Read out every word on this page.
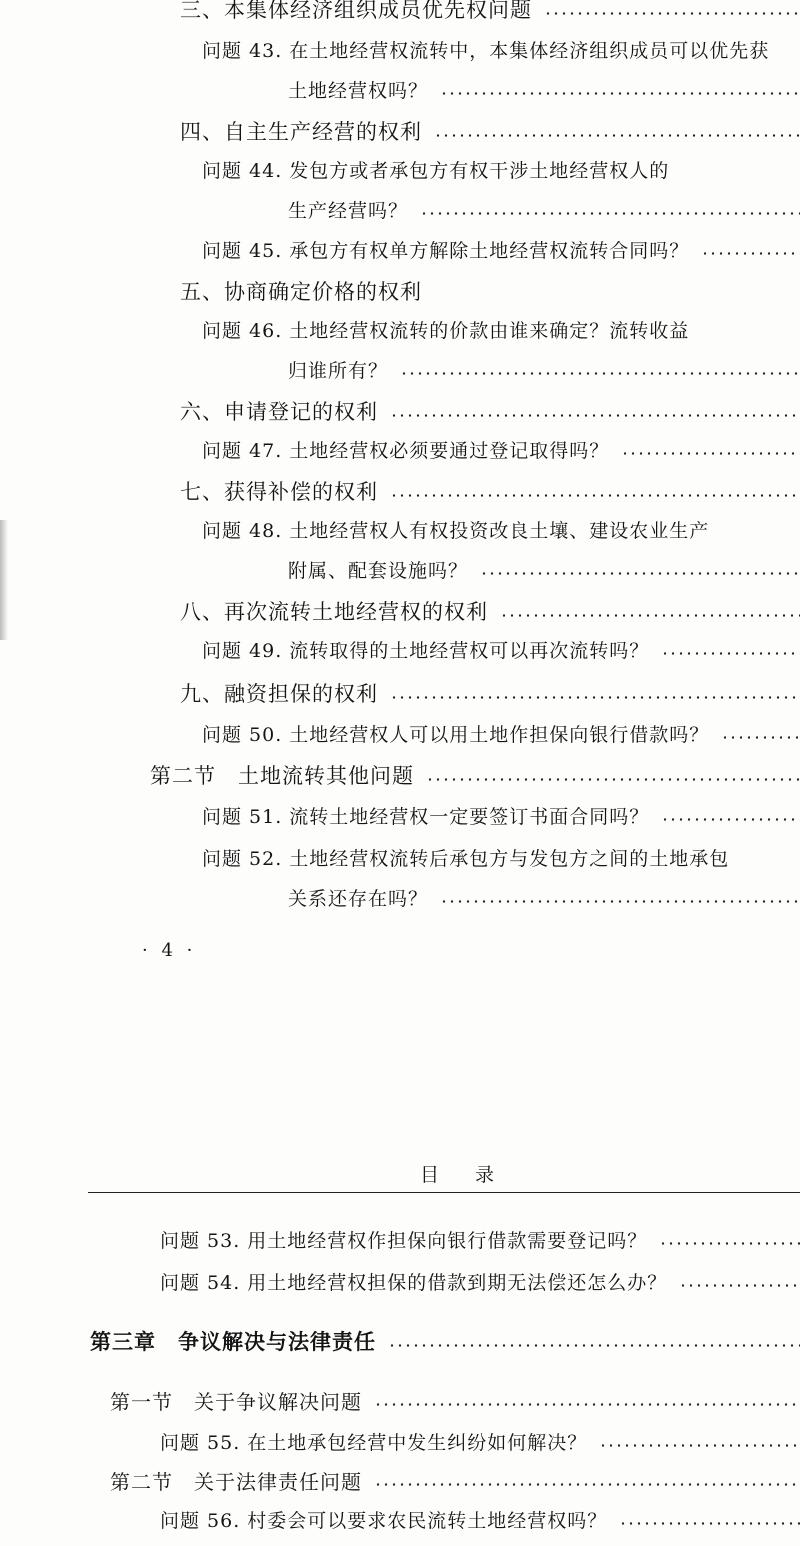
三、本集体经济组织成员优先权问题
问题 43. 在土地经营权流转中，本集体经济组织成员可以优先获
土地经营权吗？
四、自主生产经营的权利
问题 44. 发包方或者承包方有权干涉土地经营权人的
生产经营吗？
问题 45. 承包方有权单方解除土地经营权流转合同吗？
五、协商确定价格的权利
问题 46. 土地经营权流转的价款由谁来确定？流转收益
归谁所有？
六、申请登记的权利
问题 47. 土地经营权必须要通过登记取得吗？
七、获得补偿的权利
问题 48. 土地经营权人有权投资改良土壤、建设农业生产
附属、配套设施吗？
八、再次流转土地经营权的权利
问题 49. 流转取得的土地经营权可以再次流转吗？
九、融资担保的权利
问题 50. 土地经营权人可以用土地作担保向银行借款吗？
第二节　土地流转其他问题
问题 51. 流转土地经营权一定要签订书面合同吗？
问题 52. 土地经营权流转后承包方与发包方之间的土地承包
关系还存在吗？
· 4 ·
目录
问题 53. 用土地经营权作担保向银行借款需要登记吗？
问题 54. 用土地经营权担保的借款到期无法偿还怎么办？
第三章　争议解决与法律责任
第一节　关于争议解决问题
问题 55. 在土地承包经营中发生纠纷如何解决？
第二节　关于法律责任问题
问题 56. 村委会可以要求农民流转土地经营权吗？
